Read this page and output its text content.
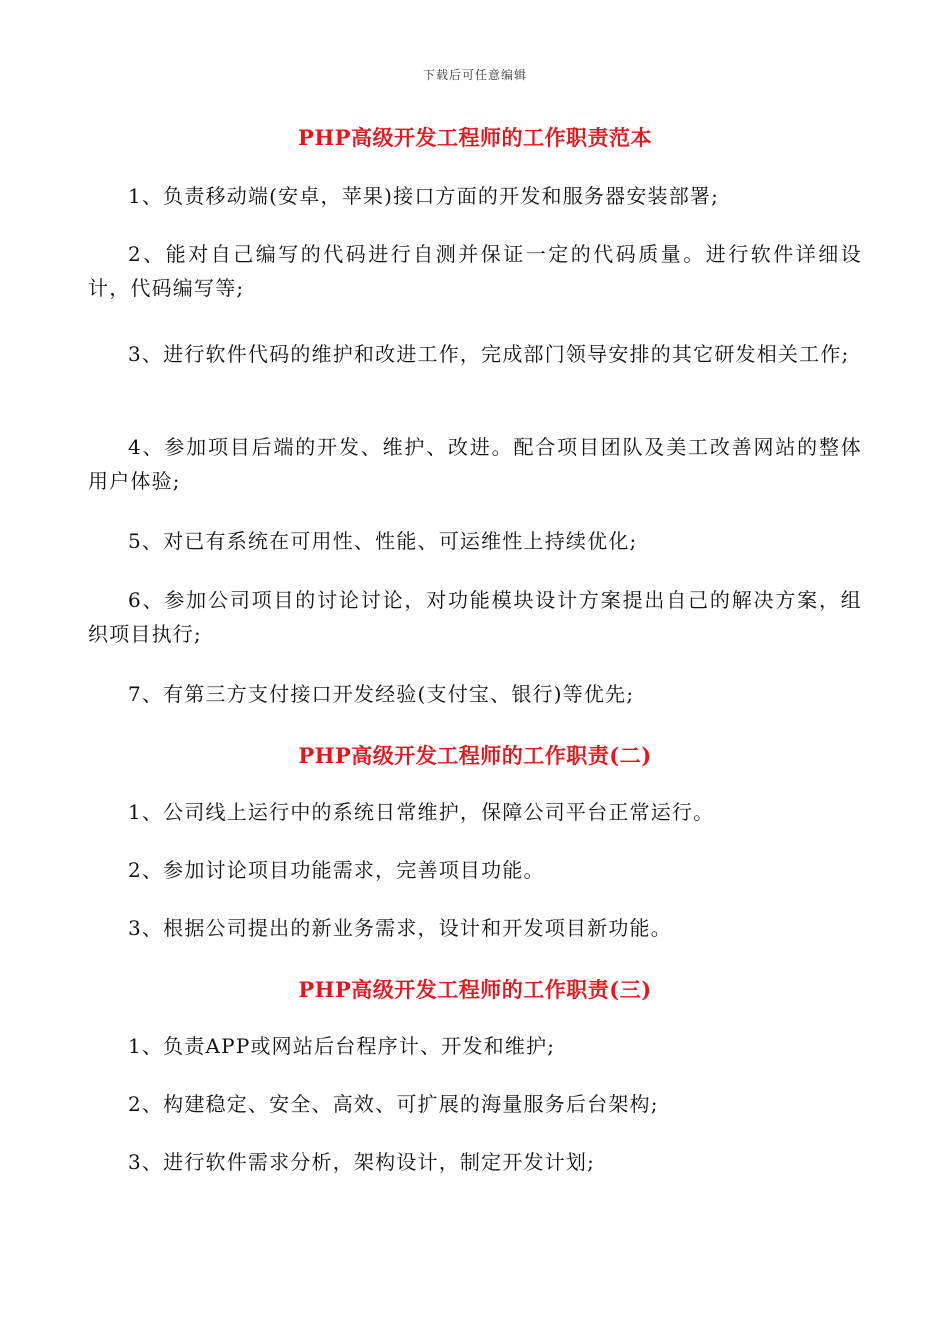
下载后可任意编辑
PHP高级开发工程师的工作职责范本

1、负责移动端(安卓，苹果)接口方面的开发和服务器安装部署;

2、能对自己编写的代码进行自测并保证一定的代码质量。进行软件详细设计，代码编写等;

3、进行软件代码的维护和改进工作，完成部门领导安排的其它研发相关工作;

4、参加项目后端的开发、维护、改进。配合项目团队及美工改善网站的整体用户体验;

5、对已有系统在可用性、性能、可运维性上持续优化;

6、参加公司项目的讨论讨论，对功能模块设计方案提出自己的解决方案，组织项目执行;

7、有第三方支付接口开发经验(支付宝、银行)等优先;

PHP高级开发工程师的工作职责(二)

1、公司线上运行中的系统日常维护，保障公司平台正常运行。

2、参加讨论项目功能需求，完善项目功能。

3、根据公司提出的新业务需求，设计和开发项目新功能。

PHP高级开发工程师的工作职责(三)

1、负责APP或网站后台程序计、开发和维护;

2、构建稳定、安全、高效、可扩展的海量服务后台架构;

3、进行软件需求分析，架构设计，制定开发计划;
